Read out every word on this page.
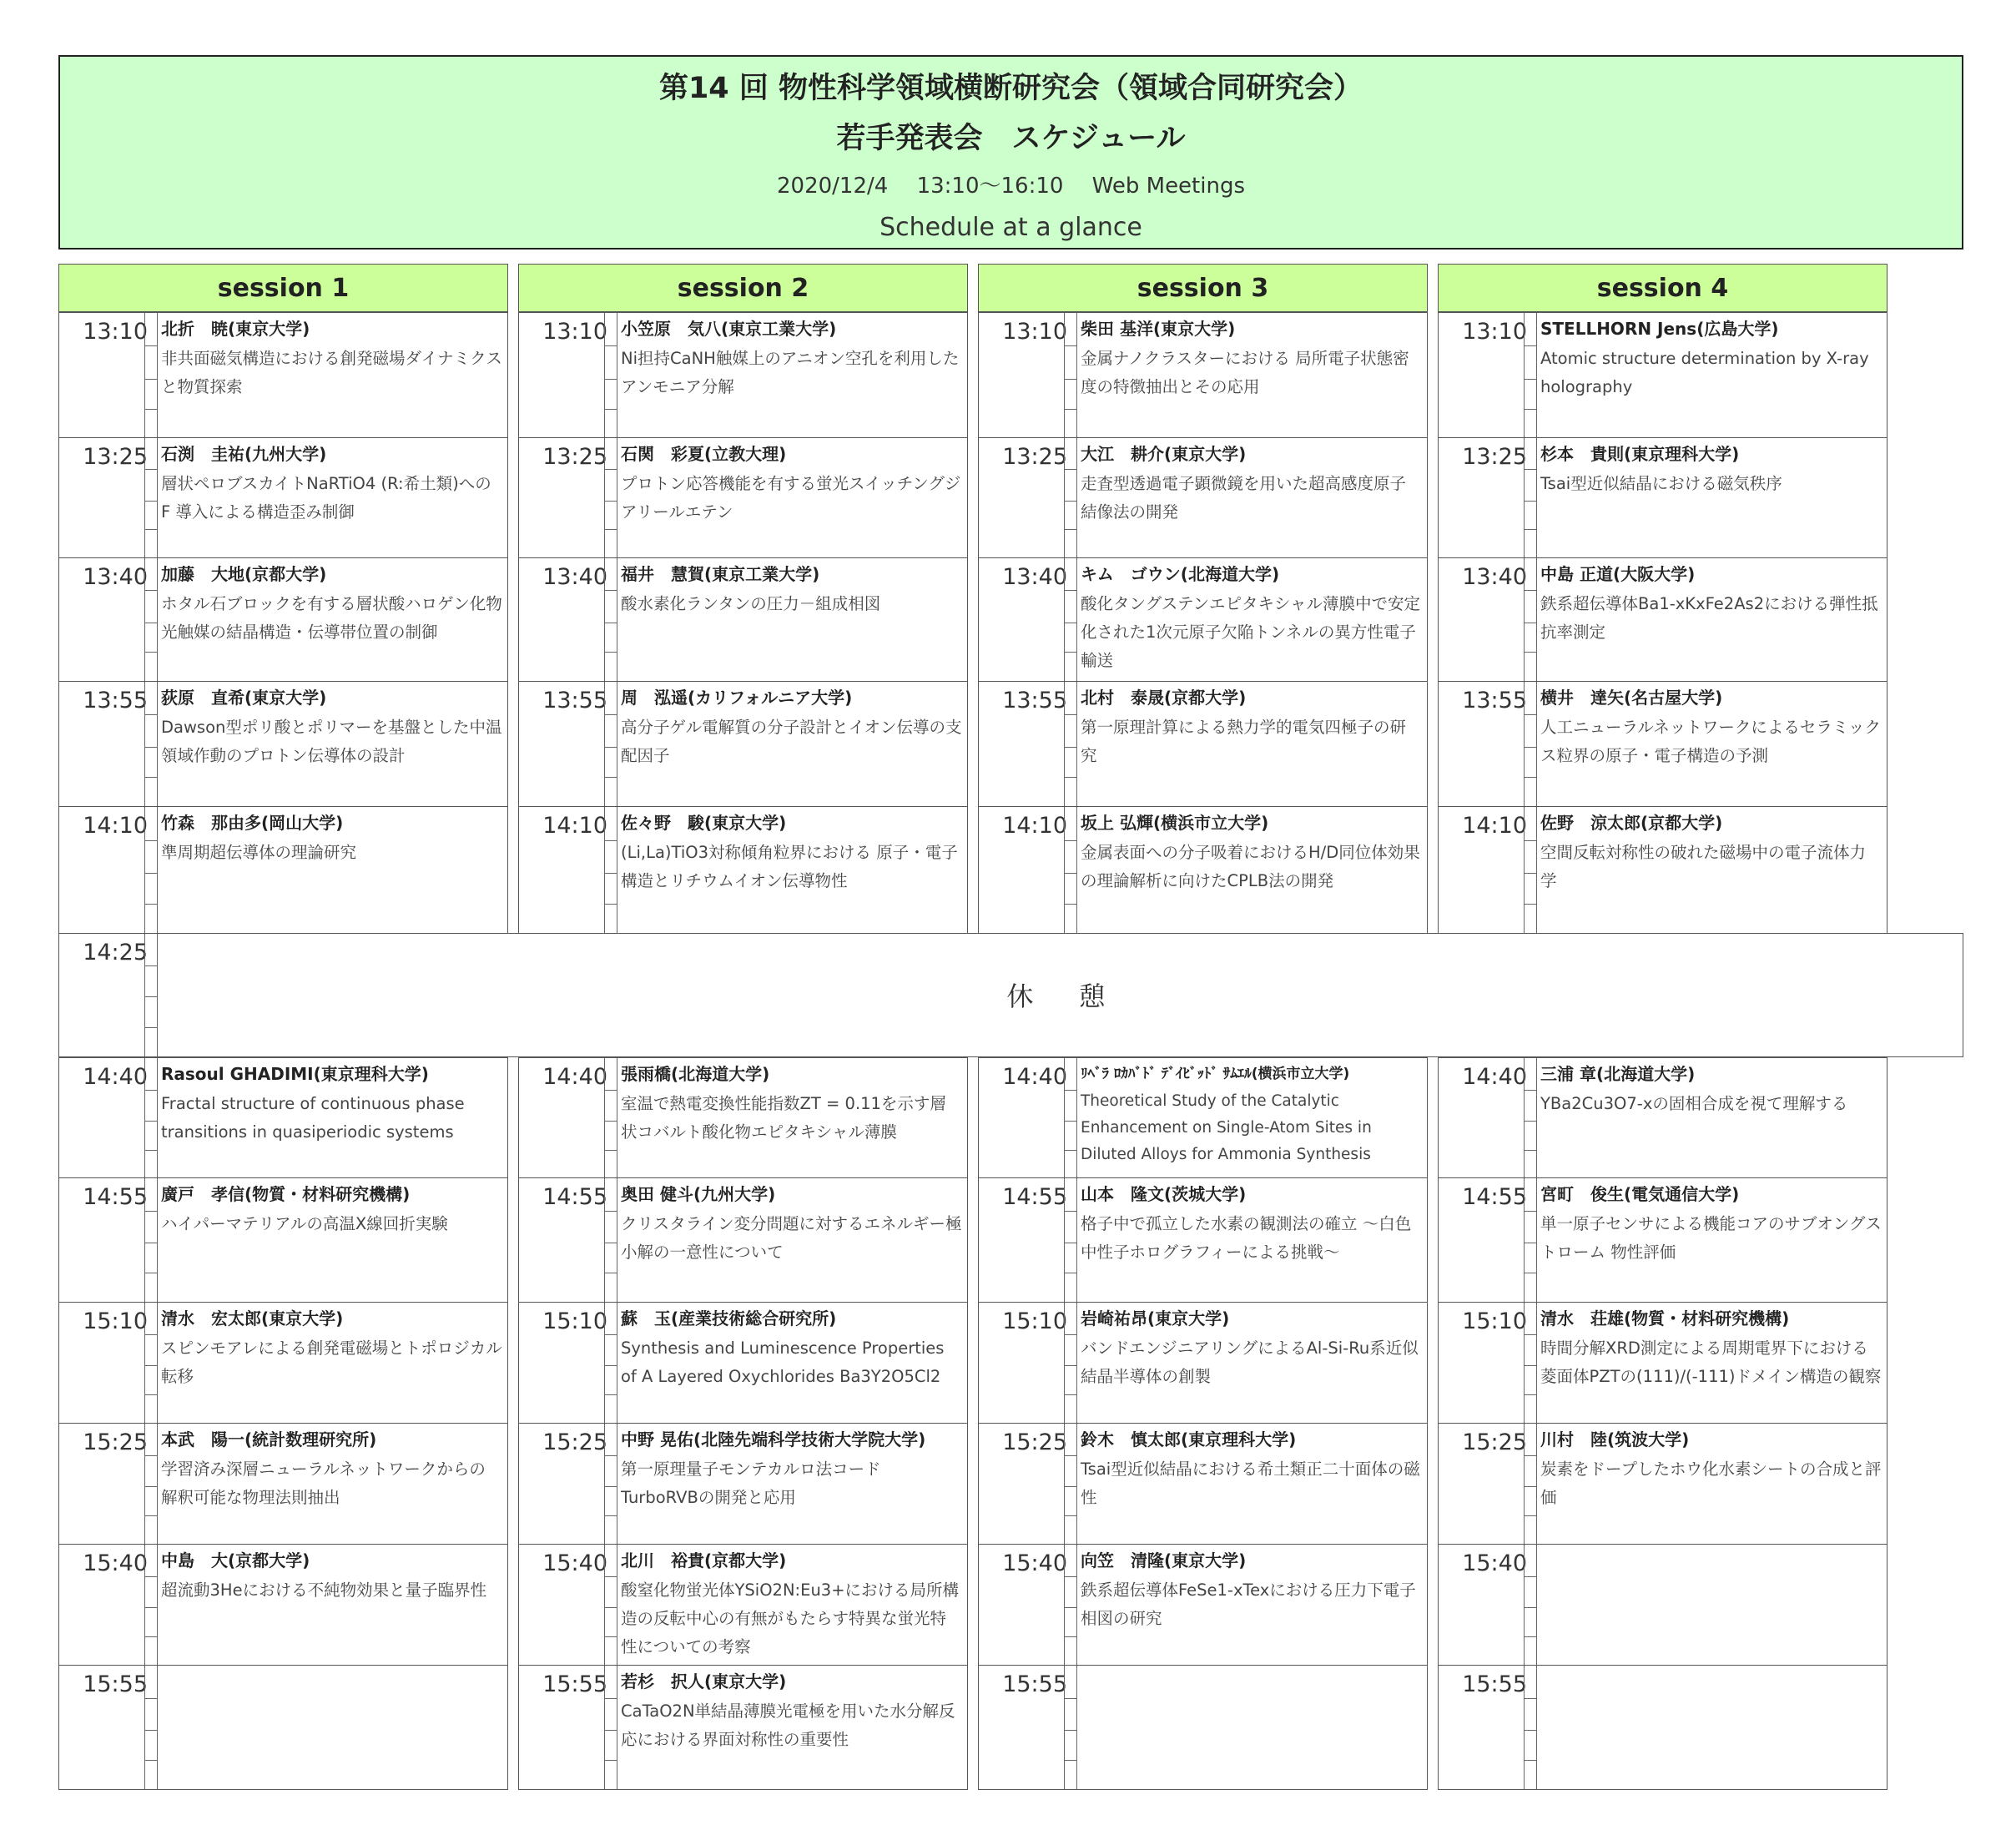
第14 回 物性科学領域横断研究会（領域合同研究会）
若手発表会　スケジュール
2020/12/4　 13:10～16:10　 Web Meetings
Schedule at a glance
session 1
13:10 北折　暁(東京大学)
非共面磁気構造における創発磁場ダイナミクスと物質探索
13:25 石渕　圭祐(九州大学)
層状ペロブスカイトNaRTiO4 (R:希土類)への F 導入による構造歪み制御
13:40 加藤　大地(京都大学)
ホタル石ブロックを有する層状酸ハロゲン化物光触媒の結晶構造・伝導帯位置の制御
13:55 荻原　直希(東京大学)
Dawson型ポリ酸とポリマーを基盤とした中温領域作動のプロトン伝導体の設計
14:10 竹森　那由多(岡山大学)
準周期超伝導体の理論研究
14:40 Rasoul GHADIMI(東京理科大学)
Fractal structure of continuous phase transitions in quasiperiodic systems
14:55 廣戸　孝信(物質・材料研究機構)
ハイパーマテリアルの高温X線回折実験
15:10 清水　宏太郎(東京大学)
スピンモアレによる創発電磁場とトポロジカル転移
15:25 本武　陽一(統計数理研究所)
学習済み深層ニューラルネットワークからの 解釈可能な物理法則抽出
15:40 中島　大(京都大学)
超流動3Heにおける不純物効果と量子臨界性
15:55
session 2
13:10 小笠原　気八(東京工業大学)
Ni担持CaNH触媒上のアニオン空孔を利用したアンモニア分解
13:25 石関　彩夏(立教大理)
プロトン応答機能を有する蛍光スイッチングジアリールエテン
13:40 福井　慧賀(東京工業大学)
酸水素化ランタンの圧力－組成相図
13:55 周　泓遥(カリフォルニア大学)
高分子ゲル電解質の分子設計とイオン伝導の支配因子
14:10 佐々野　駿(東京大学)
(Li,La)TiO3対称傾角粒界における 原子・電子構造とリチウムイオン伝導物性
14:40 張雨橋(北海道大学)
室温で熱電変換性能指数ZT = 0.11を示す層状コバルト酸化物エピタキシャル薄膜
14:55 奥田 健斗(九州大学)
クリスタライン変分問題に対するエネルギー極小解の一意性について
15:10 蘇　玉(産業技術総合研究所)
Synthesis and Luminescence Properties of A Layered Oxychlorides Ba3Y2O5Cl2
15:25 中野 晃佑(北陸先端科学技術大学院大学)
第一原理量子モンテカルロ法コード TurboRVBの開発と応用
15:40 北川　裕貴(京都大学)
酸窒化物蛍光体YSiO2N:Eu3+における局所構造の反転中心の有無がもたらす特異な蛍光特性についての考察
15:55 若杉　択人(東京大学)
CaTaO2N単結晶薄膜光電極を用いた水分解反応における界面対称性の重要性
session 3
13:10 柴田 基洋(東京大学)
金属ナノクラスターにおける 局所電子状態密度の特徴抽出とその応用
13:25 大江　耕介(東京大学)
走査型透過電子顕微鏡を用いた超高感度原子結像法の開発
13:40 キム　ゴウン(北海道大学)
酸化タングステンエピタキシャル薄膜中で安定化された1次元原子欠陥トンネルの異方性電子輸送
13:55 北村　泰晟(京都大学)
第一原理計算による熱力学的電気四極子の研究
14:10 坂上 弘輝(横浜市立大学)
金属表面への分子吸着におけるH/D同位体効果の理論解析に向けたCPLB法の開発
14:40 ﾘﾍﾞﾗ ﾛｶﾊﾞﾄﾞ ﾃﾞｲﾋﾞｯﾄﾞ ｻﾑｴﾙ(横浜市立大学)
Theoretical Study of the Catalytic Enhancement on Single-Atom Sites in Diluted Alloys for Ammonia Synthesis
14:55 山本　隆文(茨城大学)
格子中で孤立した水素の観測法の確立 ～白色中性子ホログラフィーによる挑戦～
15:10 岩崎祐昂(東京大学)
バンドエンジニアリングによるAl-Si-Ru系近似結晶半導体の創製
15:25 鈴木　慎太郎(東京理科大学)
Tsai型近似結晶における希土類正二十面体の磁性
15:40 向笠　清隆(東京大学)
鉄系超伝導体FeSe1-xTexにおける圧力下電子相図の研究
15:55
session 4
13:10 STELLHORN Jens(広島大学)
Atomic structure determination by X-ray holography
13:25 杉本　貴則(東京理科大学)
Tsai型近似結晶における磁気秩序
13:40 中島 正道(大阪大学)
鉄系超伝導体Ba1-xKxFe2As2における弾性抵抗率測定
13:55 横井　達矢(名古屋大学)
人工ニューラルネットワークによるセラミックス粒界の原子・電子構造の予測
14:10 佐野　涼太郎(京都大学)
空間反転対称性の破れた磁場中の電子流体力学
14:40 三浦 章(北海道大学)
YBa2Cu3O7-xの固相合成を視て理解する
14:55 宮町　俊生(電気通信大学)
単一原子センサによる機能コアのサブオングストローム 物性評価
15:10 清水　荘雄(物質・材料研究機構)
時間分解XRD測定による周期電界下における 菱面体PZTの(111)/(-111)ドメイン構造の観察
15:25 川村　陸(筑波大学)
炭素をドープしたホウ化水素シートの合成と評価
15:40
15:55
14:25
休 憩
